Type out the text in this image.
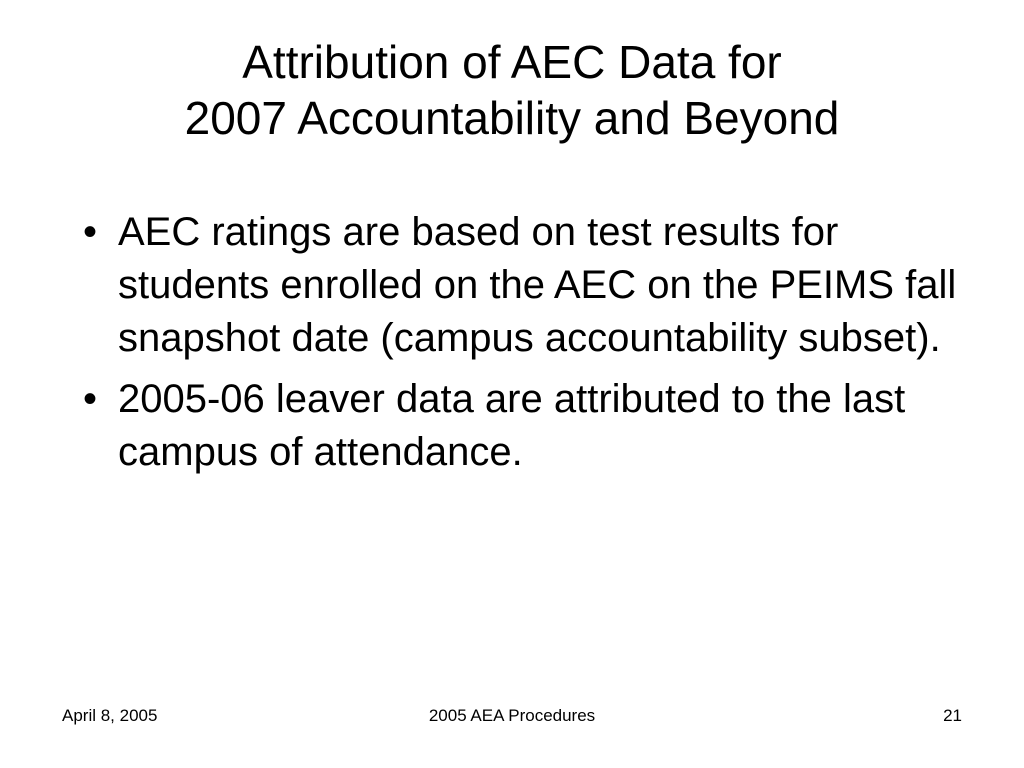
Attribution of AEC Data for
2007 Accountability and Beyond
• AEC ratings are based on test results for students enrolled on the AEC on the PEIMS fall snapshot date (campus accountability subset).
• 2005-06 leaver data are attributed to the last campus of attendance.
April 8, 2005	2005 AEA Procedures	21
